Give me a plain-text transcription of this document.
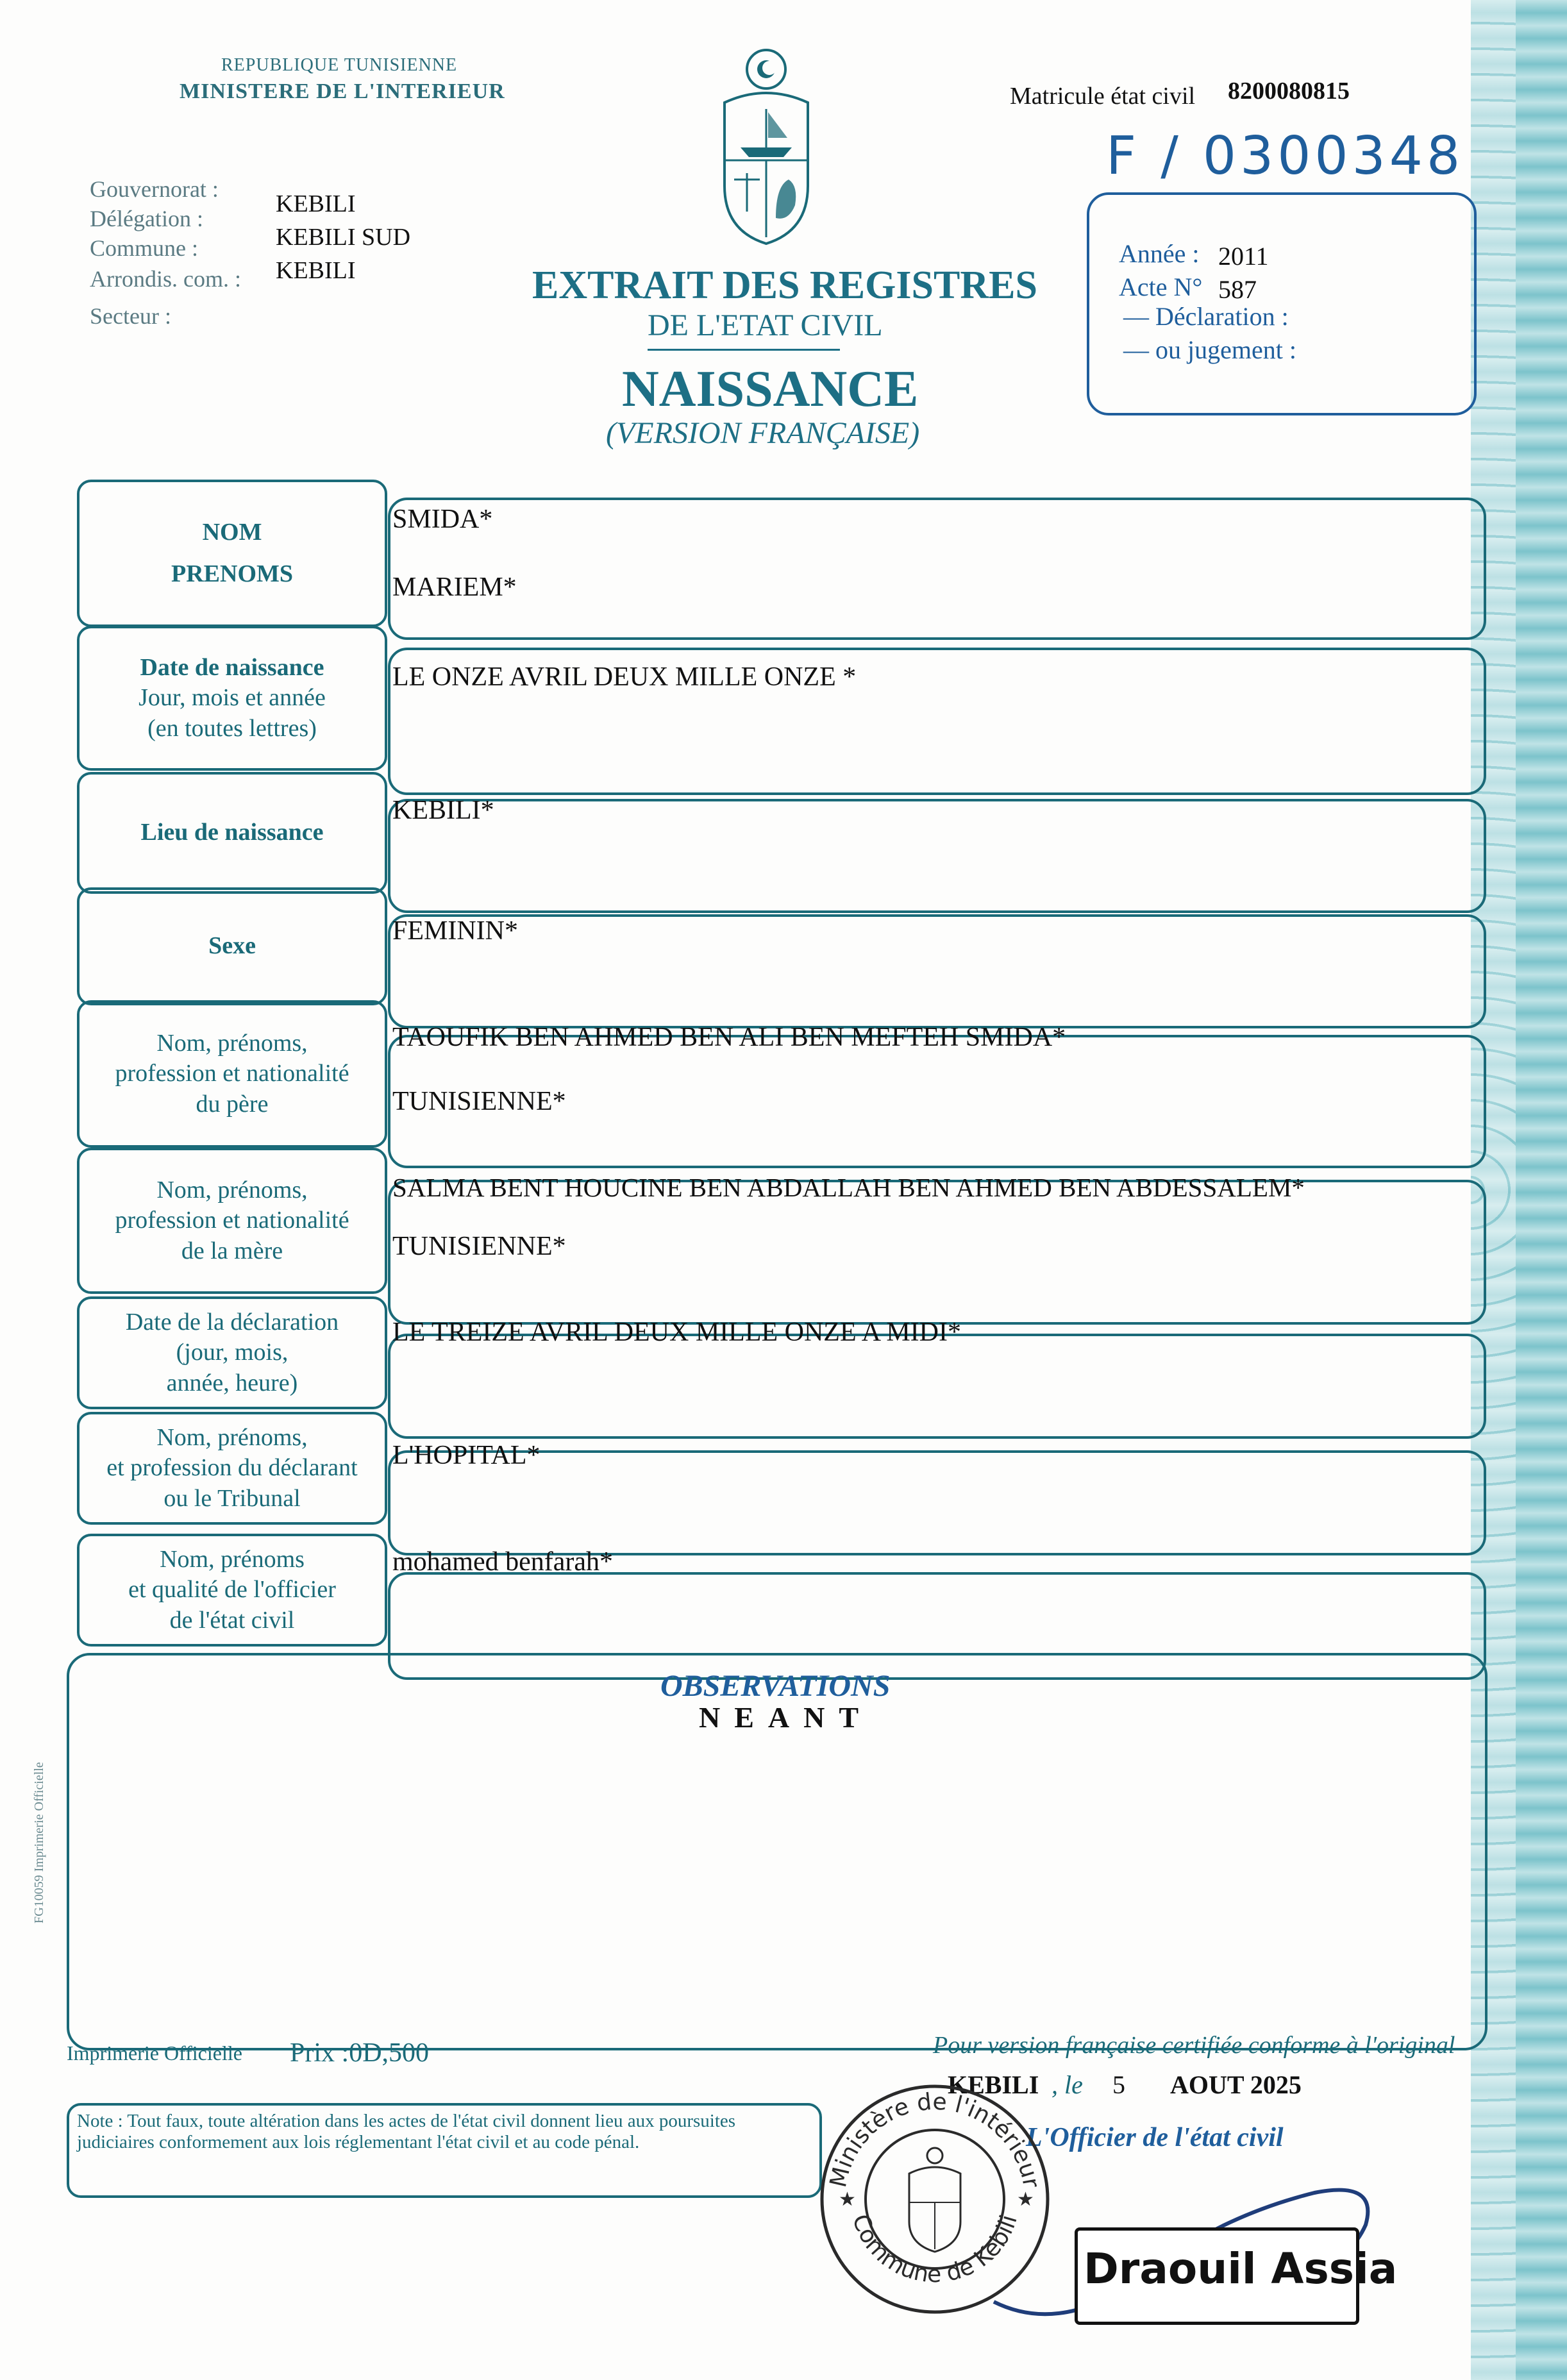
REPUBLIQUE TUNISIENNE
MINISTERE DE L'INTERIEUR
Gouvernorat :
KEBILI
Délégation :
KEBILI SUD
Commune :
KEBILI
Arrondis. com. :
Secteur :
EXTRAIT DES REGISTRES
DE L'ETAT CIVIL
NAISSANCE
(VERSION FRANÇAISE)
Matricule état civil 8200080815
F / 0300348
Année : 2011
Acte N° 587
— Déclaration :
— ou jugement :
NOM
PRENOMS
SMIDA*
MARIEM*
Date de naissance
Jour, mois et année
(en toutes lettres)
LE ONZE AVRIL DEUX MILLE ONZE *
Lieu de naissance
KEBILI*
Sexe
FEMININ*
Nom, prénoms,
profession et nationalité
du père
TAOUFIK BEN AHMED BEN ALI BEN MEFTEH SMIDA*
TUNISIENNE*
Nom, prénoms,
profession et nationalité
de la mère
SALMA BENT HOUCINE BEN ABDALLAH BEN AHMED BEN ABDESSALEM*
TUNISIENNE*
Date de la déclaration
(jour, mois,
année, heure)
LE TREIZE AVRIL DEUX MILLE ONZE A MIDI*
Nom, prénoms,
et profession du déclarant
ou le Tribunal
L'HOPITAL*
Nom, prénoms
et qualité de l'officier
de l'état civil
mohamed benfarah*
OBSERVATIONS
NEANT
FG10059 Imprimerie Officielle
Imprimerie Officielle Prix :0D,500	Pour version française certifiée conforme à l'original
KEBILI , le 5 AOUT 2025
L'Officier de l'état civil
Note : Tout faux, toute altération dans les actes de l'état civil donnent lieu aux poursuites judiciaires conformement aux lois réglementant l'état civil et au code pénal.
Ministère de l'intérieur
Commune de Kebili
★	★
Draouil Assia
